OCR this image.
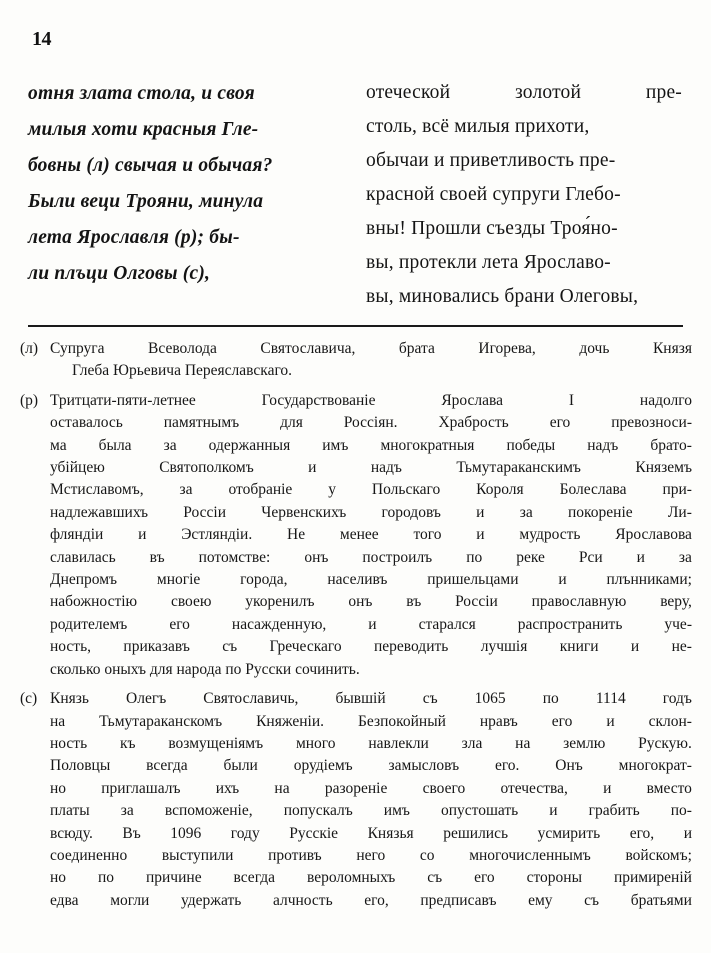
14
отня злата стола, и своя
милыя хоти красныя Гле-
бовны (л) свычая и обычая?
Были веци Трояни, минула
лета Ярославля (р); бы-
ли плъци Олговы (с),
отеческой	золотой	пре-
столь, всё милыя прихоти,
обычаи и приветливость пре-
красной своей супруги Глебо-
вны! Прошли съезды Троя́но-
вы, протекли лета Ярославо-
вы, миновались брани Олеговы,
(л) Супруга	Всеволода	Святославича,	брата	Игорева,	дочь	Князя
Глеба Юрьевича Переяславскаго.
(р) Тритцати-пяти-летнее	Государствованiе	Ярослава	I	надолго
оставалось	памятнымъ	для	Россiян.	Храбрость	его	превозноси-
ма была за одержанныя имъ многократныя победы надъ брато-
убiйцею	Святополкомъ	и	надъ	Тьмутараканскимъ	Княземъ
Мстиславомъ, за отобранiе у Польскаго Короля Болеслава при-
надлежавшихъ Россiи Червенскихъ городовъ и за покоренiе Ли-
фляндiи и Эстляндiи. Не менее того и мудрость Ярославова
славилась въ потомстве: онъ построилъ по реке Рси и за
Днепромъ	многiе	города,	населивъ	пришельцами	и	плънниками;
набожностiю своею укоренилъ онъ въ Россiи православную веру,
родителемъ	его	насажденную,	и	старался	распространить	уче-
ность, приказавъ съ Греческаго переводить лучшiя книги и не-
сколько оныхъ для народа по Русски сочинить.
(с) Князь Олегъ Святославичь, бывшiй съ 1065 по 1114 годъ
на Тьмутараканскомъ Княженiи. Безпокойный нравъ его и склон-
ность къ возмущенiямъ много навлекли зла на землю Рускую.
Половцы всегда были орудiемъ замысловъ его. Онъ многократ-
но приглашалъ ихъ на разоренiе своего отечества, и вместо
платы за вспоможенiе, попускалъ имъ опустошать и грабить по-
всюду. Въ 1096 году Русскiе Князья решились усмирить его, и
соединенно выступили противъ него со многочисленнымъ войскомъ;
но по причине всегда вероломныхъ съ его стороны примиренiй
едва могли удержать алчность его, предписавъ ему съ братьями
